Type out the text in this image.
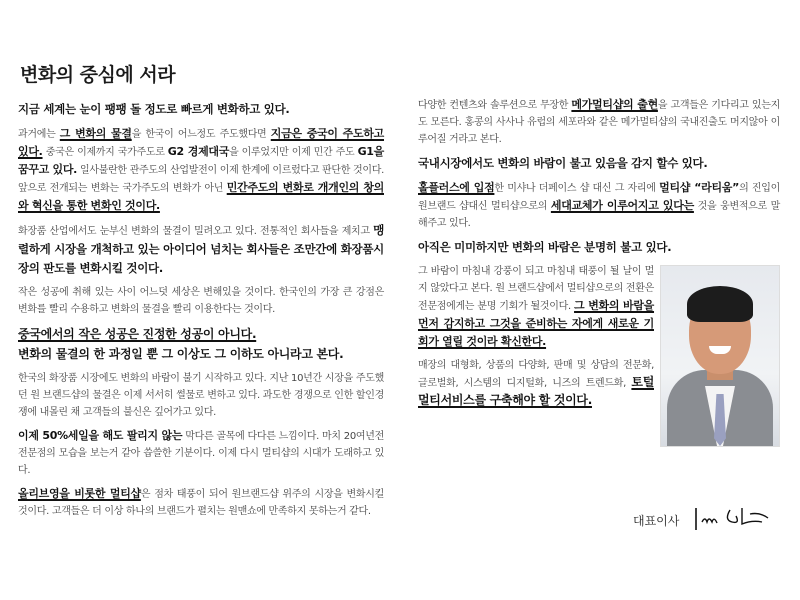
변화의 중심에 서라

지금 세계는 눈이 팽팽 돌 정도로 빠르게 변화하고 있다.

과거에는 그 변화의 물결을 한국이 어느정도 주도했다면 지금은 중국이 주도하고 있다. 중국은 이제까지 국가주도로 G2 경제대국을 이루었지만 이제 민간 주도 G1을 꿈꾸고 있다. 일사불란한 관주도의 산업발전이 이제 한계에 이르렀다고 판단한 것이다. 앞으로 전개되는 변화는 국가주도의 변화가 아닌 민간주도의 변화로 개개인의 창의와 혁신을 통한 변화인 것이다.

화장품 산업에서도 눈부신 변화의 물결이 밀려오고 있다. 전통적인 회사들을 제치고 맹렬하게 시장을 개척하고 있는 아이디어 넘치는 회사들은 조만간에 화장품시장의 판도를 변화시킬 것이다.

작은 성공에 취해 있는 사이 어느덧 세상은 변해있을 것이다. 한국인의 가장 큰 강점은 변화를 빨리 수용하고 변화의 물결을 빨리 이용한다는 것이다.

중국에서의 작은 성공은 진정한 성공이 아니다.
변화의 물결의 한 과정일 뿐 그 이상도 그 이하도 아니라고 본다.

한국의 화장품 시장에도 변화의 바람이 불기 시작하고 있다. 지난 10년간 시장을 주도했던 원 브랜드샵의 물결은 이제 서서히 썰물로 변하고 있다. 과도한 경쟁으로 인한 할인경쟁에 내몰린 채 고객들의 불신은 깊어가고 있다.

이제 50%세일을 해도 팔리지 않는 막다른 골목에 다다른 느낌이다. 마치 20여년전 전문점의 모습을 보는거 같아 씁쓸한 기분이다. 이제 다시 멀티샵의 시대가 도래하고 있다.

올리브영을 비롯한 멀티샵은 점차 태풍이 되어 원브랜드샵 위주의 시장을 변화시킬 것이다. 고객들은 더 이상 하나의 브랜드가 펼치는 원맨쇼에 만족하지 못하는거 같다.

다양한 컨텐츠와 솔루션으로 무장한 메가멀티샵의 출현을 고객들은 기다리고 있는지도 모른다. 홍콩의 사사나 유럽의 세포라와 같은 메가멀티샵의 국내진출도 머지않아 이루어질 거라고 본다.

국내시장에서도 변화의 바람이 불고 있음을 감지 할수 있다.

홀플러스에 입점한 미샤나 더페이스 샵 대신 그 자리에 멀티샵 “라티움”의 진입이 원브랜드 샵대신 멀티샵으로의 세대교체가 이루어지고 있다는 것을 웅변적으로 말해주고 있다.

아직은 미미하지만 변화의 바람은 분명히 불고 있다.

그 바람이 마침내 강풍이 되고 마침내 태풍이 될 날이 멀지 않았다고 본다. 원 브랜드샵에서 멀티샵으로의 전환은 전문점에게는 분명 기회가 될것이다. 그 변화의 바람을 먼저 감지하고 그것을 준비하는 자에게 새로운 기회가 열릴 것이라 확신한다.

매장의 대형화, 상품의 다양화, 판매 및 상담의 전문화, 글로벌화, 시스템의 디지털화, 니즈의 트렌드화, 토털 멀티서비스를 구축해야 할 것이다.

대표이사
